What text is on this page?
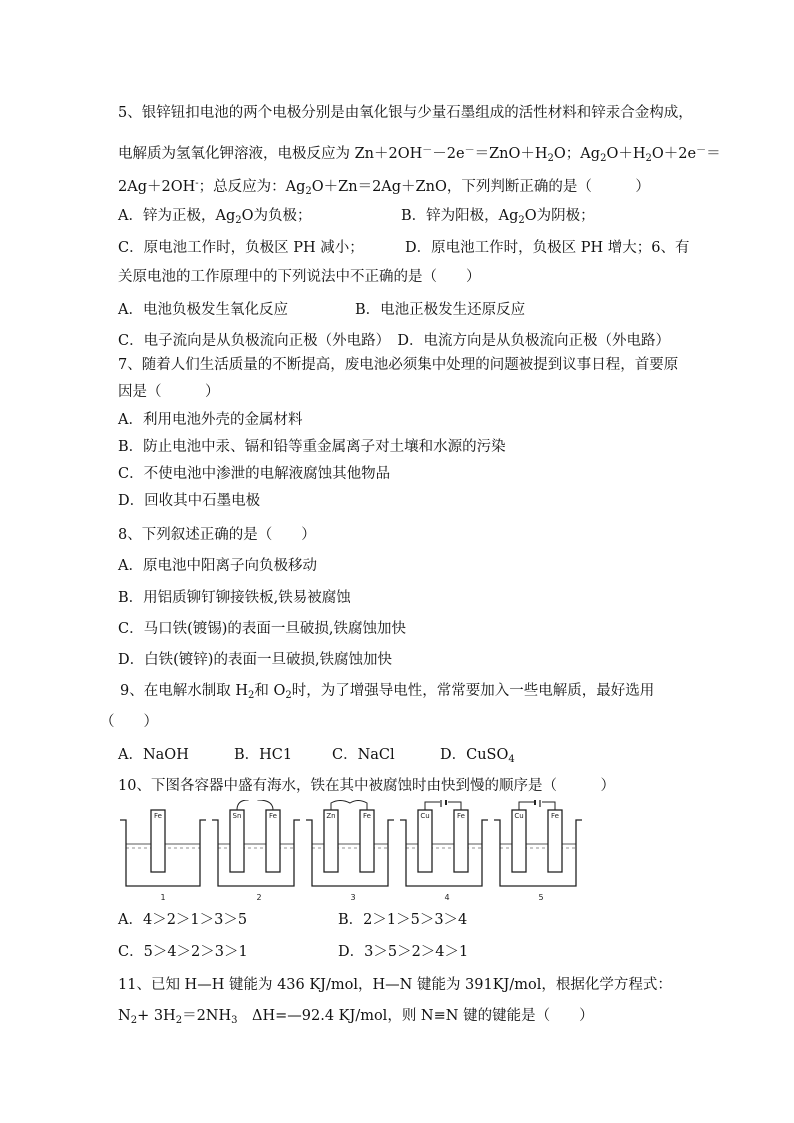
5、银锌钮扣电池的两个电极分别是由氧化银与少量石墨组成的活性材料和锌汞合金构成，
电解质为氢氧化钾溶液，电极反应为 $Zn+2OH^--2e^-=ZnO+H_2O$；$Ag_2O+H_2O+2e^-=$
2Ag＋2OH-；总反应为：$Ag_2O+Zn=2Ag+ZnO$，下列判断正确的是（　　　）
A．锌为正极，$Ag_2O$为负极；	B．锌为阳极，$Ag_2O$为阴极；
C．原电池工作时，负极区 PH 减小；	D．原电池工作时，负极区 PH 增大；6、有
关原电池的工作原理中的下列说法中不正确的是（　　）
A．电池负极发生氧化反应	B．电池正极发生还原反应
C．电子流向是从负极流向正极（外电路）　D．电流方向是从负极流向正极（外电路）
7、随着人们生活质量的不断提高，废电池必须集中处理的问题被提到议事日程，首要原
因是（　　　）
A．利用电池外壳的金属材料
B．防止电池中汞、镉和铅等重金属离子对土壤和水源的污染
C．不使电池中渗泄的电解液腐蚀其他物品
D．回收其中石墨电极
8、下列叙述正确的是（　　）
A．原电池中阳离子向负极移动
B．用铝质铆钉铆接铁板,铁易被腐蚀
C．马口铁(镀锡)的表面一旦破损,铁腐蚀加快
D．白铁(镀锌)的表面一旦破损,铁腐蚀加快
9、在电解水制取 $H_2$和 $O_2$时，为了增强导电性，常常要加入一些电解质，最好选用
（　　）
A．NaOH	B．HC1	C．NaCl	D．CuSO$_4$
10、下图各容器中盛有海水，铁在其中被腐蚀时由快到慢的顺序是（　　　）
Fe	Sn	Fe	Zn	Fe	Cu	Fe	Cu	Fe
1	2	3	4	5
A．4＞2＞1＞3＞5	B．2＞1＞5＞3＞4
C．5＞4＞2＞3＞1	D．3＞5＞2＞4＞1
11、已知 H—H 键能为 436 KJ/mol，H—N 键能为 391KJ/mol，根据化学方程式：
$N_2+ 3H_2=2NH_3$　ΔH=—92.4 KJ/mol，则 N≡N 键的键能是（　　）
